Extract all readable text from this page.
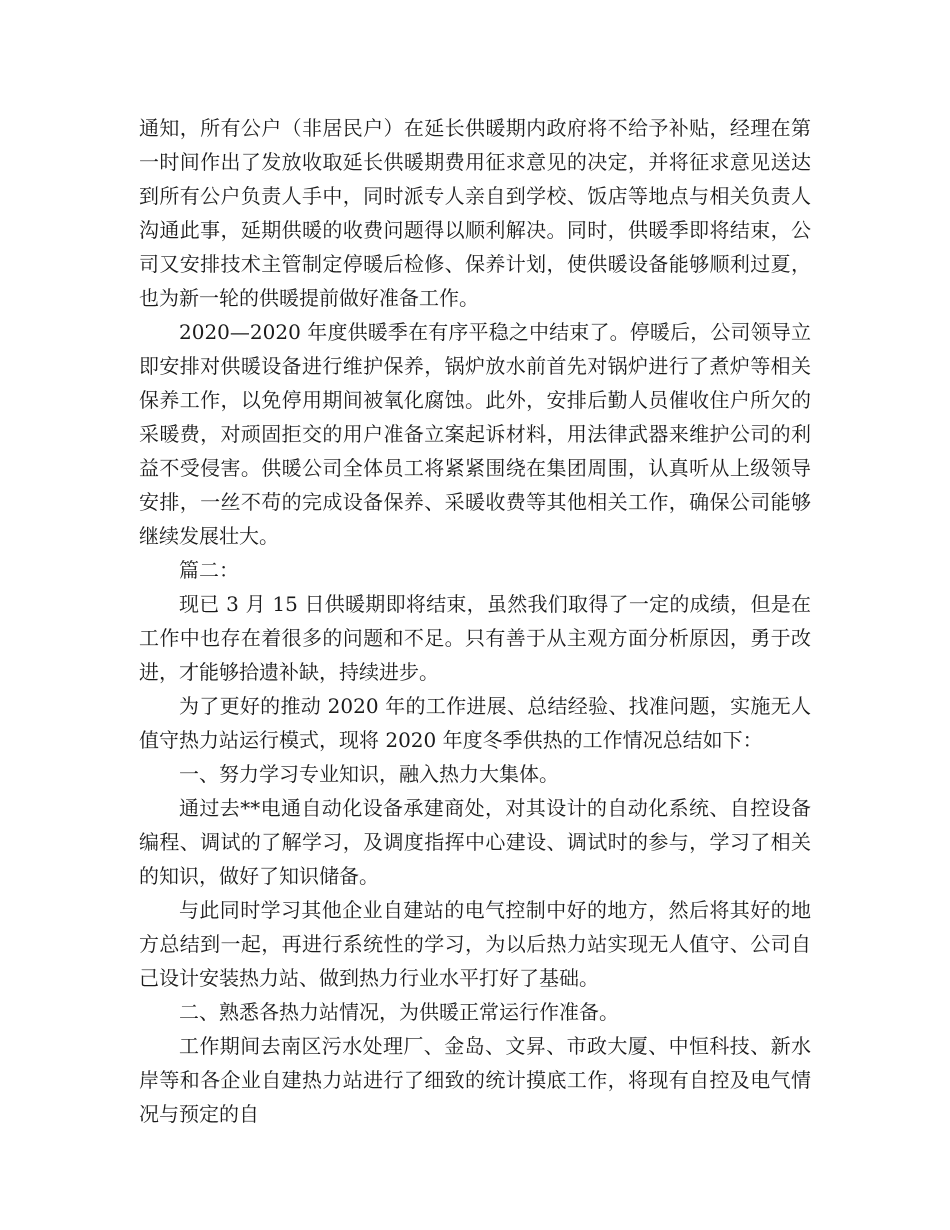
通知，所有公户（非居民户）在延长供暖期内政府将不给予补贴，经理在第一时间作出了发放收取延长供暖期费用征求意见的决定，并将征求意见送达到所有公户负责人手中，同时派专人亲自到学校、饭店等地点与相关负责人沟通此事，延期供暖的收费问题得以顺利解决。同时，供暖季即将结束，公司又安排技术主管制定停暖后检修、保养计划，使供暖设备能够顺利过夏，也为新一轮的供暖提前做好准备工作。

2020—2020 年度供暖季在有序平稳之中结束了。停暖后，公司领导立即安排对供暖设备进行维护保养，锅炉放水前首先对锅炉进行了煮炉等相关保养工作，以免停用期间被氧化腐蚀。此外，安排后勤人员催收住户所欠的采暖费，对顽固拒交的用户准备立案起诉材料，用法律武器来维护公司的利益不受侵害。供暖公司全体员工将紧紧围绕在集团周围，认真听从上级领导安排，一丝不苟的完成设备保养、采暖收费等其他相关工作，确保公司能够继续发展壮大。

篇二：

现已 3 月 15 日供暖期即将结束，虽然我们取得了一定的成绩，但是在工作中也存在着很多的问题和不足。只有善于从主观方面分析原因，勇于改进，才能够拾遗补缺，持续进步。

为了更好的推动 2020 年的工作进展、总结经验、找准问题，实施无人值守热力站运行模式，现将 2020 年度冬季供热的工作情况总结如下：

一、努力学习专业知识，融入热力大集体。

通过去**电通自动化设备承建商处，对其设计的自动化系统、自控设备编程、调试的了解学习，及调度指挥中心建设、调试时的参与，学习了相关的知识，做好了知识储备。

与此同时学习其他企业自建站的电气控制中好的地方，然后将其好的地方总结到一起，再进行系统性的学习，为以后热力站实现无人值守、公司自己设计安装热力站、做到热力行业水平打好了基础。

二、熟悉各热力站情况，为供暖正常运行作准备。

工作期间去南区污水处理厂、金岛、文昇、市政大厦、中恒科技、新水岸等和各企业自建热力站进行了细致的统计摸底工作，将现有自控及电气情况与预定的自
